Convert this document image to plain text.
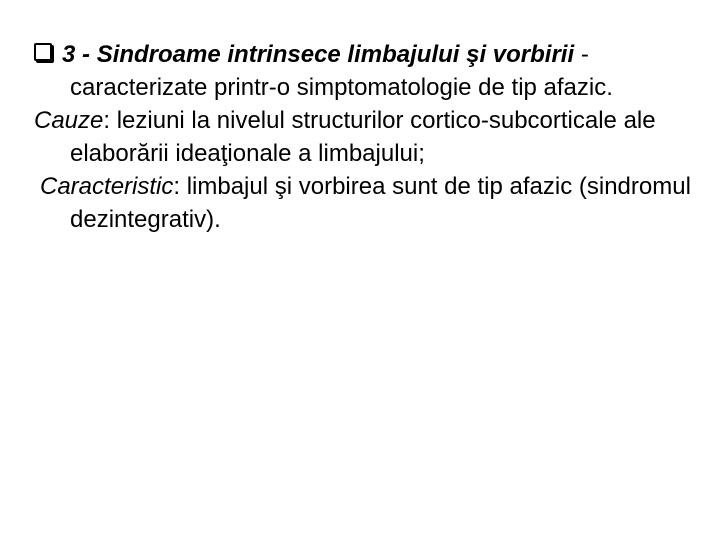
3 - Sindroame intrinsece limbajului şi vorbirii - caracterizate printr-o simptomatologie de tip afazic.

Cauze: leziuni la nivelul structurilor cortico-subcorticale ale elaborării ideaţionale a limbajului;

Caracteristic: limbajul şi vorbirea sunt de tip afazic (sindromul dezintegrativ).
